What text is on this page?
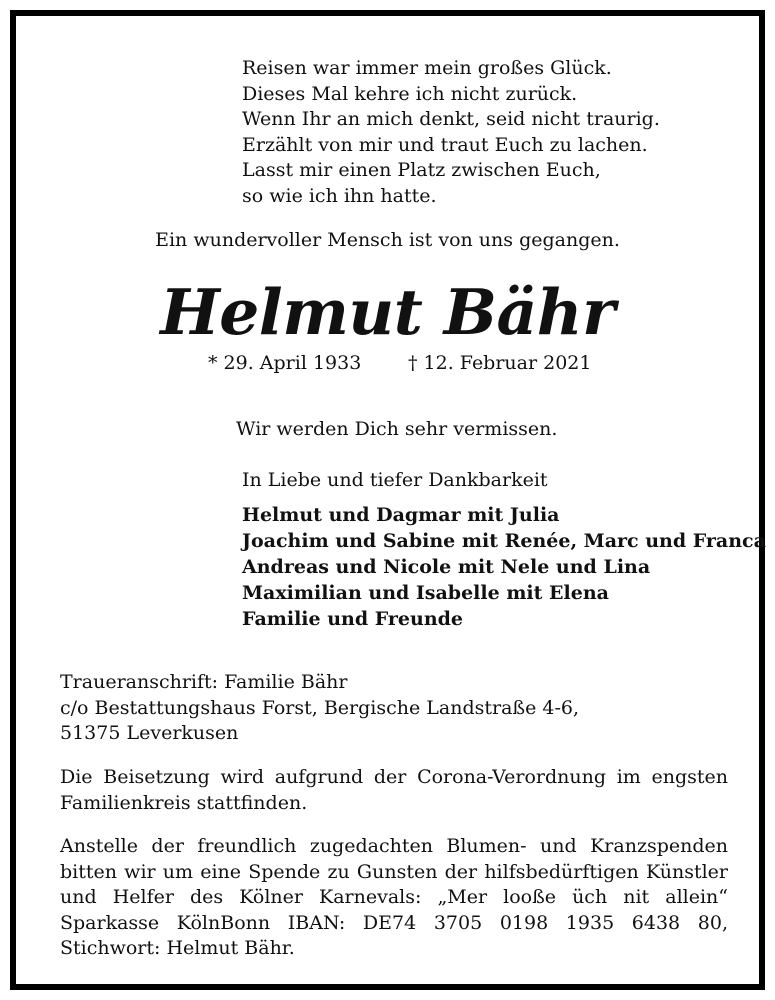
Reisen war immer mein großes Glück.
Dieses Mal kehre ich nicht zurück.
Wenn Ihr an mich denkt, seid nicht traurig.
Erzählt von mir und traut Euch zu lachen.
Lasst mir einen Platz zwischen Euch,
so wie ich ihn hatte.
Ein wundervoller Mensch ist von uns gegangen.
Helmut Bähr
* 29. April 1933 † 12. Februar 2021
Wir werden Dich sehr vermissen.
In Liebe und tiefer Dankbarkeit
Helmut und Dagmar mit Julia
Joachim und Sabine mit Renée, Marc und Franca
Andreas und Nicole mit Nele und Lina
Maximilian und Isabelle mit Elena
Familie und Freunde
Traueranschrift: Familie Bähr
c/o Bestattungshaus Forst, Bergische Landstraße 4-6,
51375 Leverkusen
Die Beisetzung wird aufgrund der Corona-Verordnung im engsten Familienkreis stattfinden.
Anstelle der freundlich zugedachten Blumen- und Kranzspenden bitten wir um eine Spende zu Gunsten der hilfsbedürftigen Künstler und Helfer des Kölner Karnevals: „Mer looße üch nit allein“ Sparkasse KölnBonn IBAN: DE74 3705 0198 1935 6438 80, Stichwort: Helmut Bähr.
